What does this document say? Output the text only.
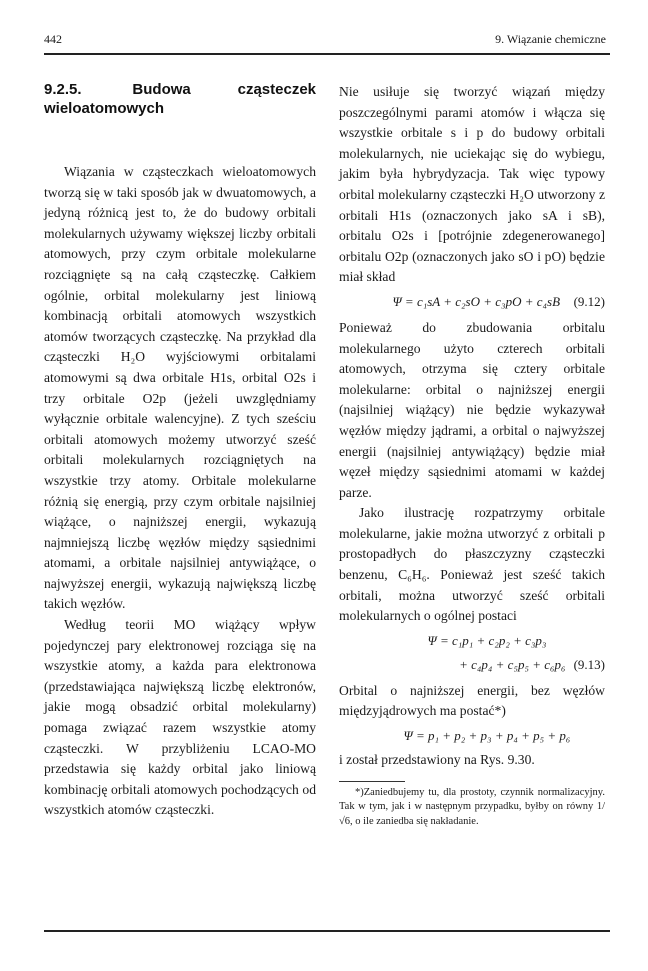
442	9. Wiązanie chemiczne
9.2.5.	Budowa cząsteczek wieloatomowych

Wiązania w cząsteczkach wieloatomowych tworzą się w taki sposób jak w dwuatomowych, a jedyną różnicą jest to, że do budowy orbitali molekularnych używamy większej liczby orbitali atomowych, przy czym orbitale molekularne rozciągnięte są na całą cząsteczkę. Całkiem ogólnie, orbital molekularny jest liniową kombinacją orbitali atomowych wszystkich atomów tworzących cząsteczkę. Na przykład dla cząsteczki H₂O wyjściowymi orbitalami atomowymi są dwa orbitale H1s, orbital O2s i trzy orbitale O2p (jeżeli uwzględniamy wyłącznie orbitale walencyjne). Z tych sześciu orbitali atomowych możemy utworzyć sześć orbitali molekularnych rozciągniętych na wszystkie trzy atomy. Orbitale molekularne różnią się energią, przy czym orbitale najsilniej wiążące, o najniższej energii, wykazują najmniejszą liczbę węzłów między sąsiednimi atomami, a orbitale najsilniej antywiążące, o najwyższej energii, wykazują największą liczbę takich węzłów.

Według teorii MO wiążący wpływ pojedynczej pary elektronowej rozciąga się na wszystkie atomy, a każda para elektronowa (przedstawiająca największą liczbę elektronów, jakie mogą obsadzić orbital molekularny) pomaga związać razem wszystkie atomy cząsteczki. W przybliżeniu LCAO-MO przedstawia się każdy orbital jako liniową kombinację orbitali atomowych pochodzących od wszystkich atomów cząsteczki.

Nie usiłuje się tworzyć wiązań między poszczególnymi parami atomów i włącza się wszystkie orbitale s i p do budowy orbitali molekularnych, nie uciekając się do wybiegu, jakim była hybrydyzacja. Tak więc typowy orbital molekularny cząsteczki H₂O utworzony z orbitali H1s (oznaczonych jako sA i sB), orbitalu O2s i [potrójnie zdegenerowanego] orbitalu O2p (oznaczonych jako sO i pO) będzie miał skład

Ψ = c₁sA + c₂sO + c₃pO + c₄sB	(9.12)

Ponieważ do zbudowania orbitalu molekularnego użyto czterech orbitali atomowych, otrzyma się cztery orbitale molekularne: orbital o najniższej energii (najsilniej wiążący) nie będzie wykazywał węzłów między jądrami, a orbital o najwyższej energii (najsilniej antywiążący) będzie miał węzeł między sąsiednimi atomami w każdej parze.

Jako ilustrację rozpatrzymy orbitale molekularne, jakie można utworzyć z orbitali p prostopadłych do płaszczyzny cząsteczki benzenu, C₆H₆. Ponieważ jest sześć takich orbitali, można utworzyć sześć orbitali molekularnych o ogólnej postaci

Ψ = c₁p₁ + c₂p₂ + c₃p₃
+ c₄p₄ + c₅p₅ + c₆p₆ (9.13)

Orbital o najniższej energii, bez węzłów międzyjądrowych ma postać*)

Ψ = p₁ + p₂ + p₃ + p₄ + p₅ + p₆

i został przedstawiony na Rys. 9.30.

*)Zaniedbujemy tu, dla prostoty, czynnik normalizacyjny. Tak w tym, jak i w następnym przypadku, byłby on równy 1/√6, o ile zaniedba się nakładanie.
